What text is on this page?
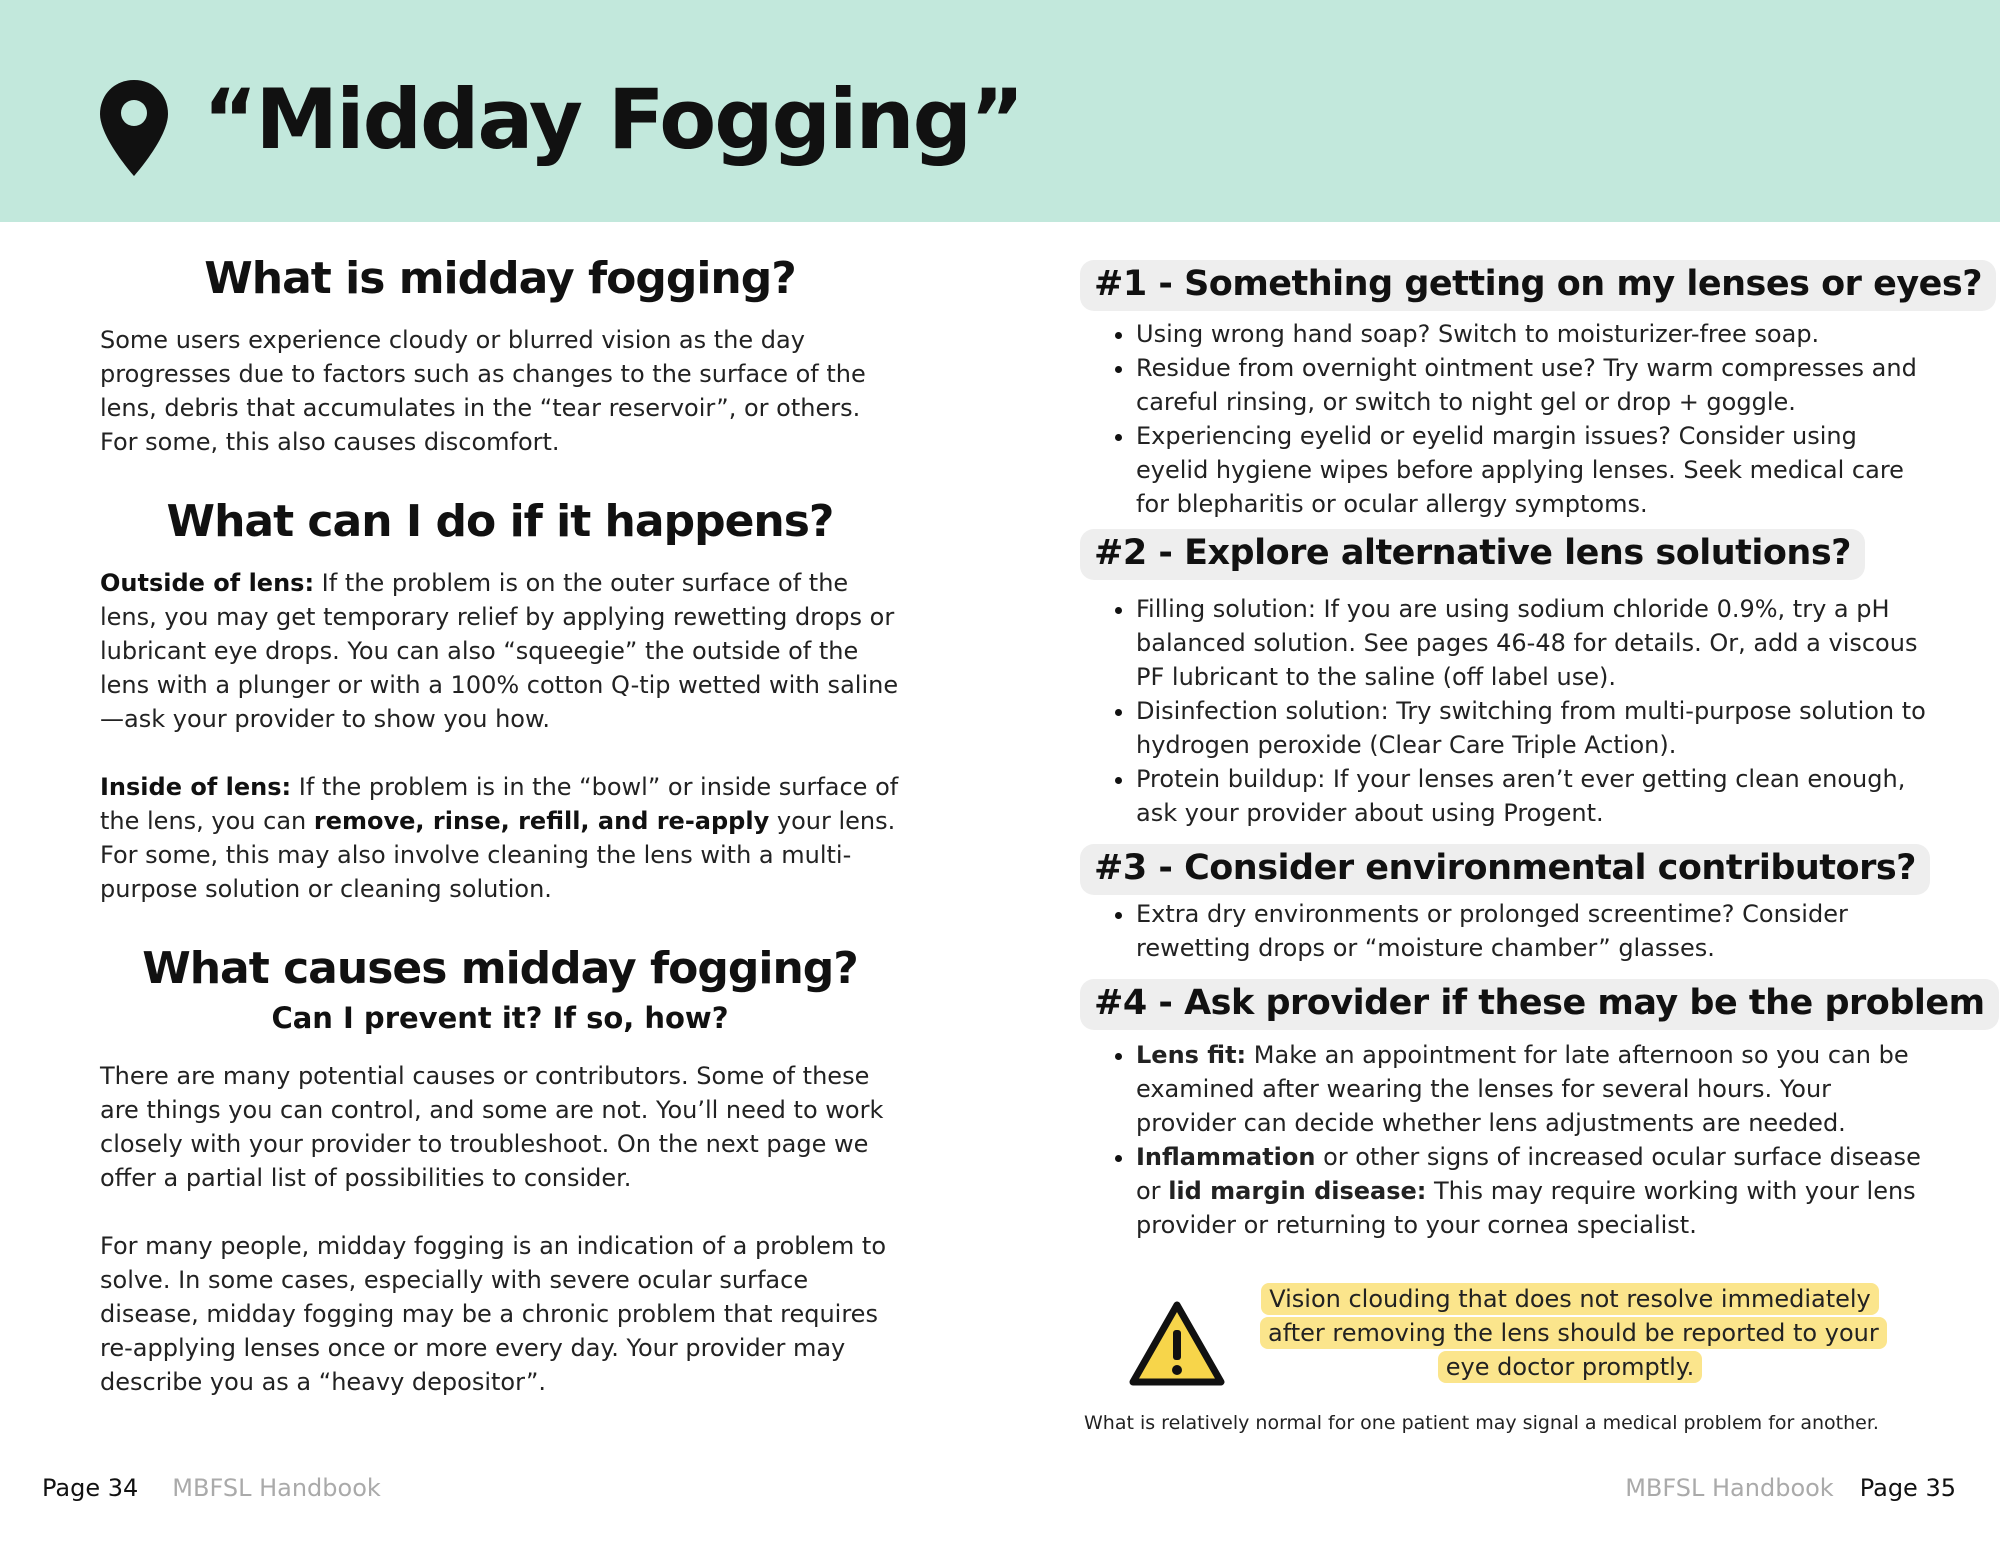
“Midday Fogging”
What is midday fogging?

Some users experience cloudy or blurred vision as the day progresses due to factors such as changes to the surface of the lens, debris that accumulates in the “tear reservoir”, or others. For some, this also causes discomfort.

What can I do if it happens?

Outside of lens: If the problem is on the outer surface of the lens, you may get temporary relief by applying rewetting drops or lubricant eye drops. You can also “squeegie” the outside of the lens with a plunger or with a 100% cotton Q-tip wetted with saline—ask your provider to show you how.

Inside of lens: If the problem is in the “bowl” or inside surface of the lens, you can remove, rinse, refill, and re-apply your lens. For some, this may also involve cleaning the lens with a multi-purpose solution or cleaning solution.

What causes midday fogging?
Can I prevent it? If so, how?

There are many potential causes or contributors. Some of these are things you can control, and some are not. You’ll need to work closely with your provider to troubleshoot. On the next page we offer a partial list of possibilities to consider.

For many people, midday fogging is an indication of a problem to solve. In some cases, especially with severe ocular surface disease, midday fogging may be a chronic problem that requires re-applying lenses once or more every day. Your provider may describe you as a “heavy depositor”.

#1 - Something getting on my lenses or eyes?
• Using wrong hand soap? Switch to moisturizer-free soap.
• Residue from overnight ointment use? Try warm compresses and careful rinsing, or switch to night gel or drop + goggle.
• Experiencing eyelid or eyelid margin issues? Consider using eyelid hygiene wipes before applying lenses. Seek medical care for blepharitis or ocular allergy symptoms.
#2 - Explore alternative lens solutions?
• Filling solution: If you are using sodium chloride 0.9%, try a pH balanced solution. See pages 46-48 for details. Or, add a viscous PF lubricant to the saline (off label use).
• Disinfection solution: Try switching from multi-purpose solution to hydrogen peroxide (Clear Care Triple Action).
• Protein buildup: If your lenses aren’t ever getting clean enough, ask your provider about using Progent.
#3 - Consider environmental contributors?
• Extra dry environments or prolonged screentime? Consider rewetting drops or “moisture chamber” glasses.
#4 - Ask provider if these may be the problem
• Lens fit: Make an appointment for late afternoon so you can be examined after wearing the lenses for several hours. Your provider can decide whether lens adjustments are needed.
• Inflammation or other signs of increased ocular surface disease or lid margin disease: This may require working with your lens provider or returning to your cornea specialist.
Vision clouding that does not resolve immediately after removing the lens should be reported to your eye doctor promptly.
What is relatively normal for one patient may signal a medical problem for another.
Page 34 MBFSL Handbook	MBFSL Handbook Page 35
